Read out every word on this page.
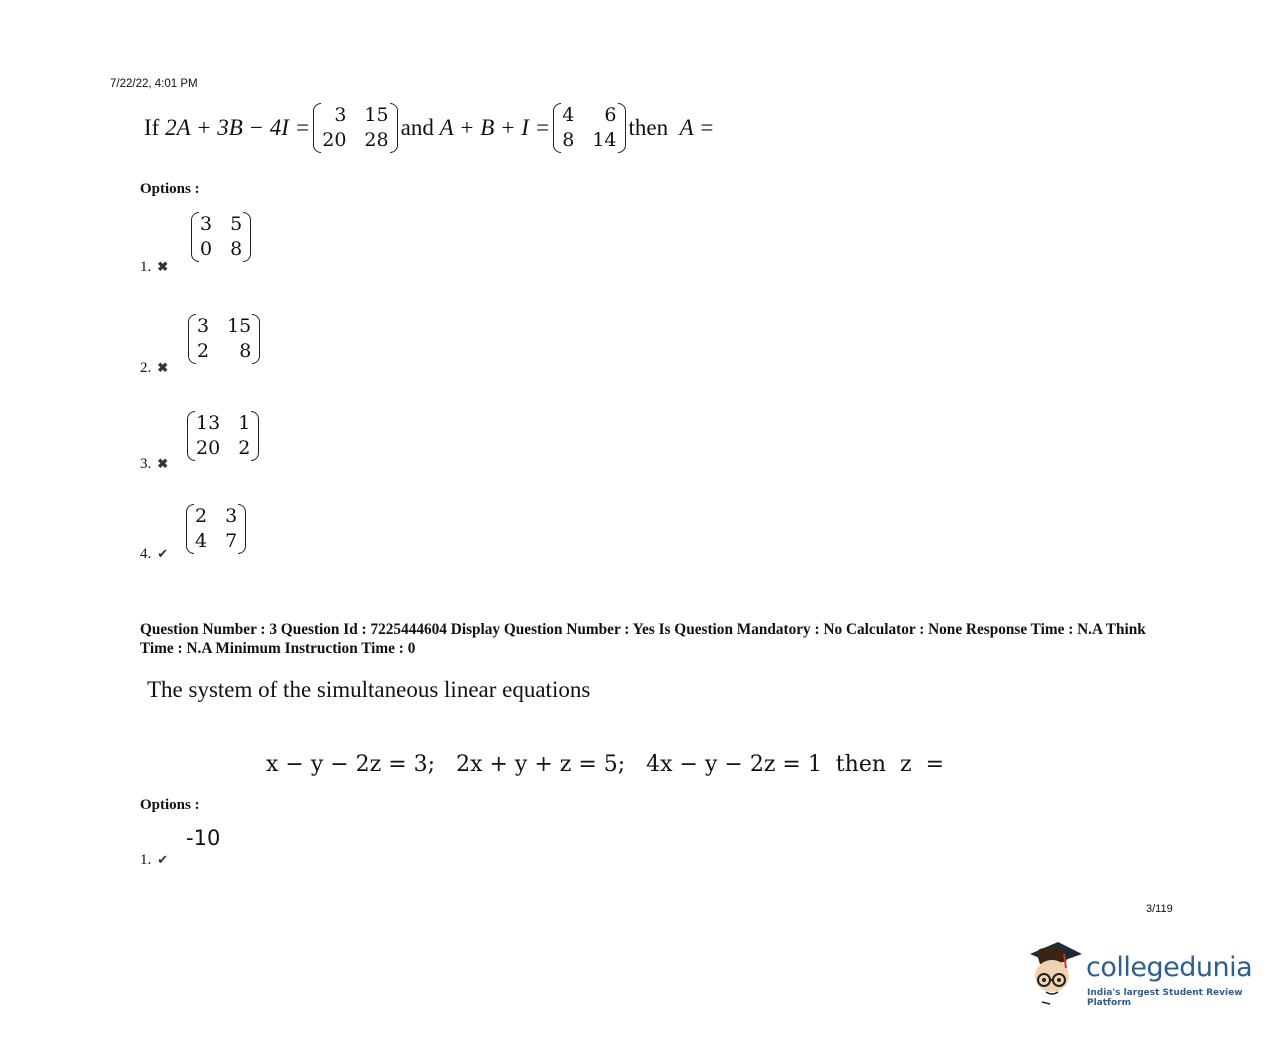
7/22/22, 4:01 PM
If
2A + 3B − 4I =	3 15
20 28 and
A + B + I = 4	6
8 14 then
A =
Options :
3 5
0 8
1. ✖
3 15
2	8
2. ✖
13 1
20 2
3. ✖
2 3
4 7
4. ✔
Question Number : 3 Question Id : 7225444604 Display Question Number : Yes Is Question Mandatory : No Calculator : None Response Time : N.A Think Time : N.A Minimum Instruction Time : 0
The system of the simultaneous linear equations
x − y − 2z = 3;   2x + y + z = 5;   4x − y − 2z = 1  then  z  =
Options :
-10
1. ✔
3/119
collegedunia
India's largest Student Review Platform
